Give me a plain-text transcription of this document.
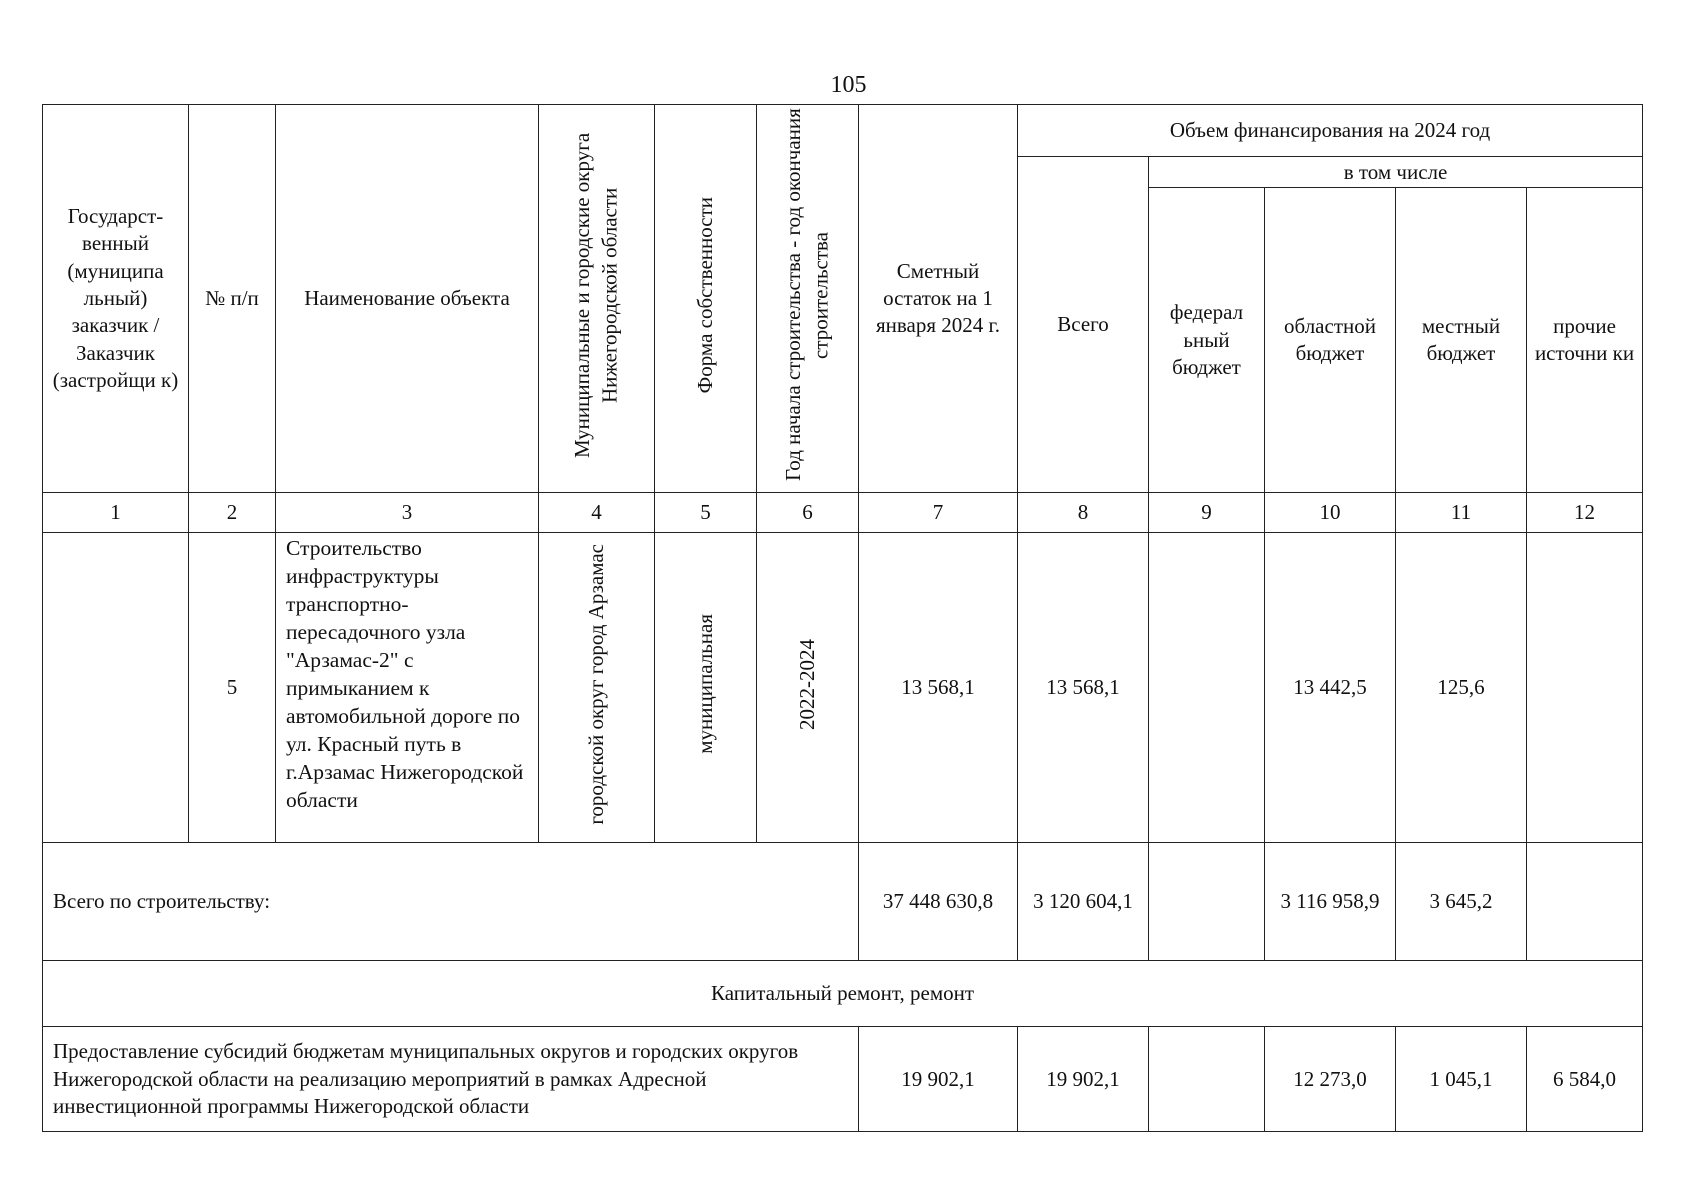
105
Государст-венный (муниципа льный) заказчик / Заказчик (застройщи к)	№ п/п	Наименование объекта	Муниципальные и городские округа Нижегородской области	Форма собственности	Год начала строительства - год окончания строительства	Сметный остаток на 1 января 2024 г.	Объем финансирования на 2024 год				
							Всего	в том числе			
								федерал ьный бюджет	областной бюджет	местный бюджет	прочие источни ки
1	2	3	4	5	6	7	8	9	10	11	12
	5	Строительство инфраструктуры транспортно-пересадочного узла "Арзамас-2" с примыканием к автомобильной дороге по ул. Красный путь в г.Арзамас Нижегородской области	городской округ город Арзамас	муниципальная	2022-2024	13 568,1	13 568,1		13 442,5	125,6	
Всего по строительству:						37 448 630,8	3 120 604,1		3 116 958,9	3 645,2	
Капитальный ремонт, ремонт											
Предоставление субсидий бюджетам муниципальных округов и городских округов Нижегородской области на реализацию мероприятий в рамках Адресной инвестиционной программы Нижегородской области						19 902,1	19 902,1		12 273,0	1 045,1	6 584,0
